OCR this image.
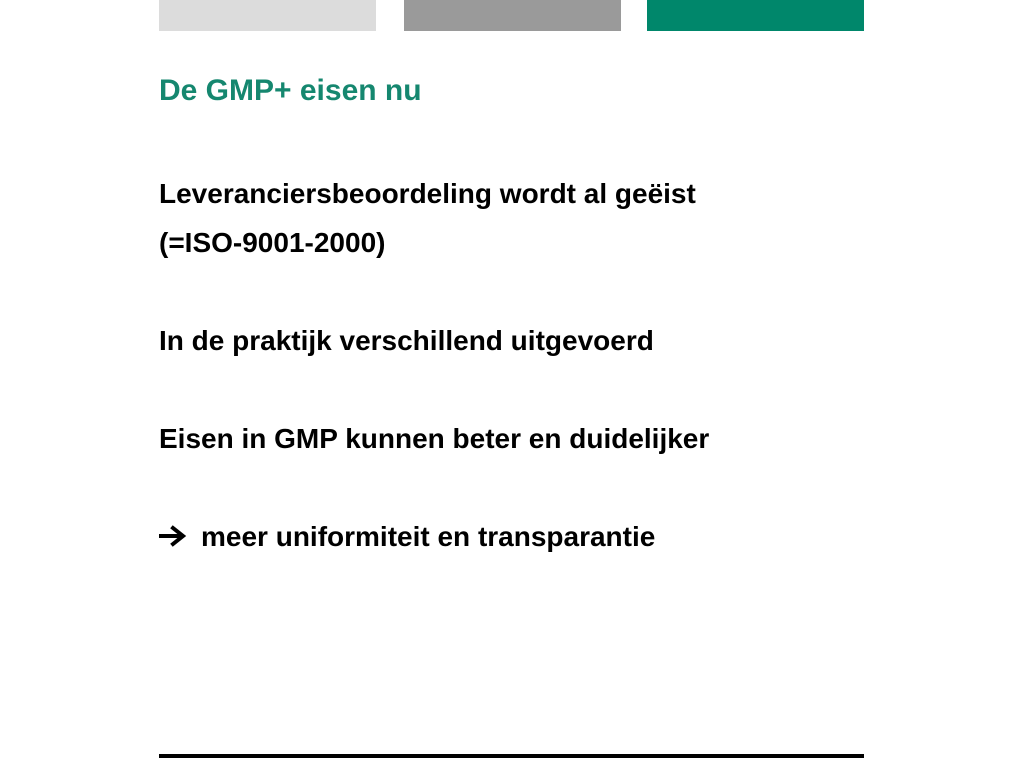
De GMP+ eisen nu
Leveranciersbeoordeling wordt al geëist
(=ISO-9001-2000)
In de praktijk verschillend uitgevoerd
Eisen in GMP kunnen beter en duidelijker
meer uniformiteit en transparantie
